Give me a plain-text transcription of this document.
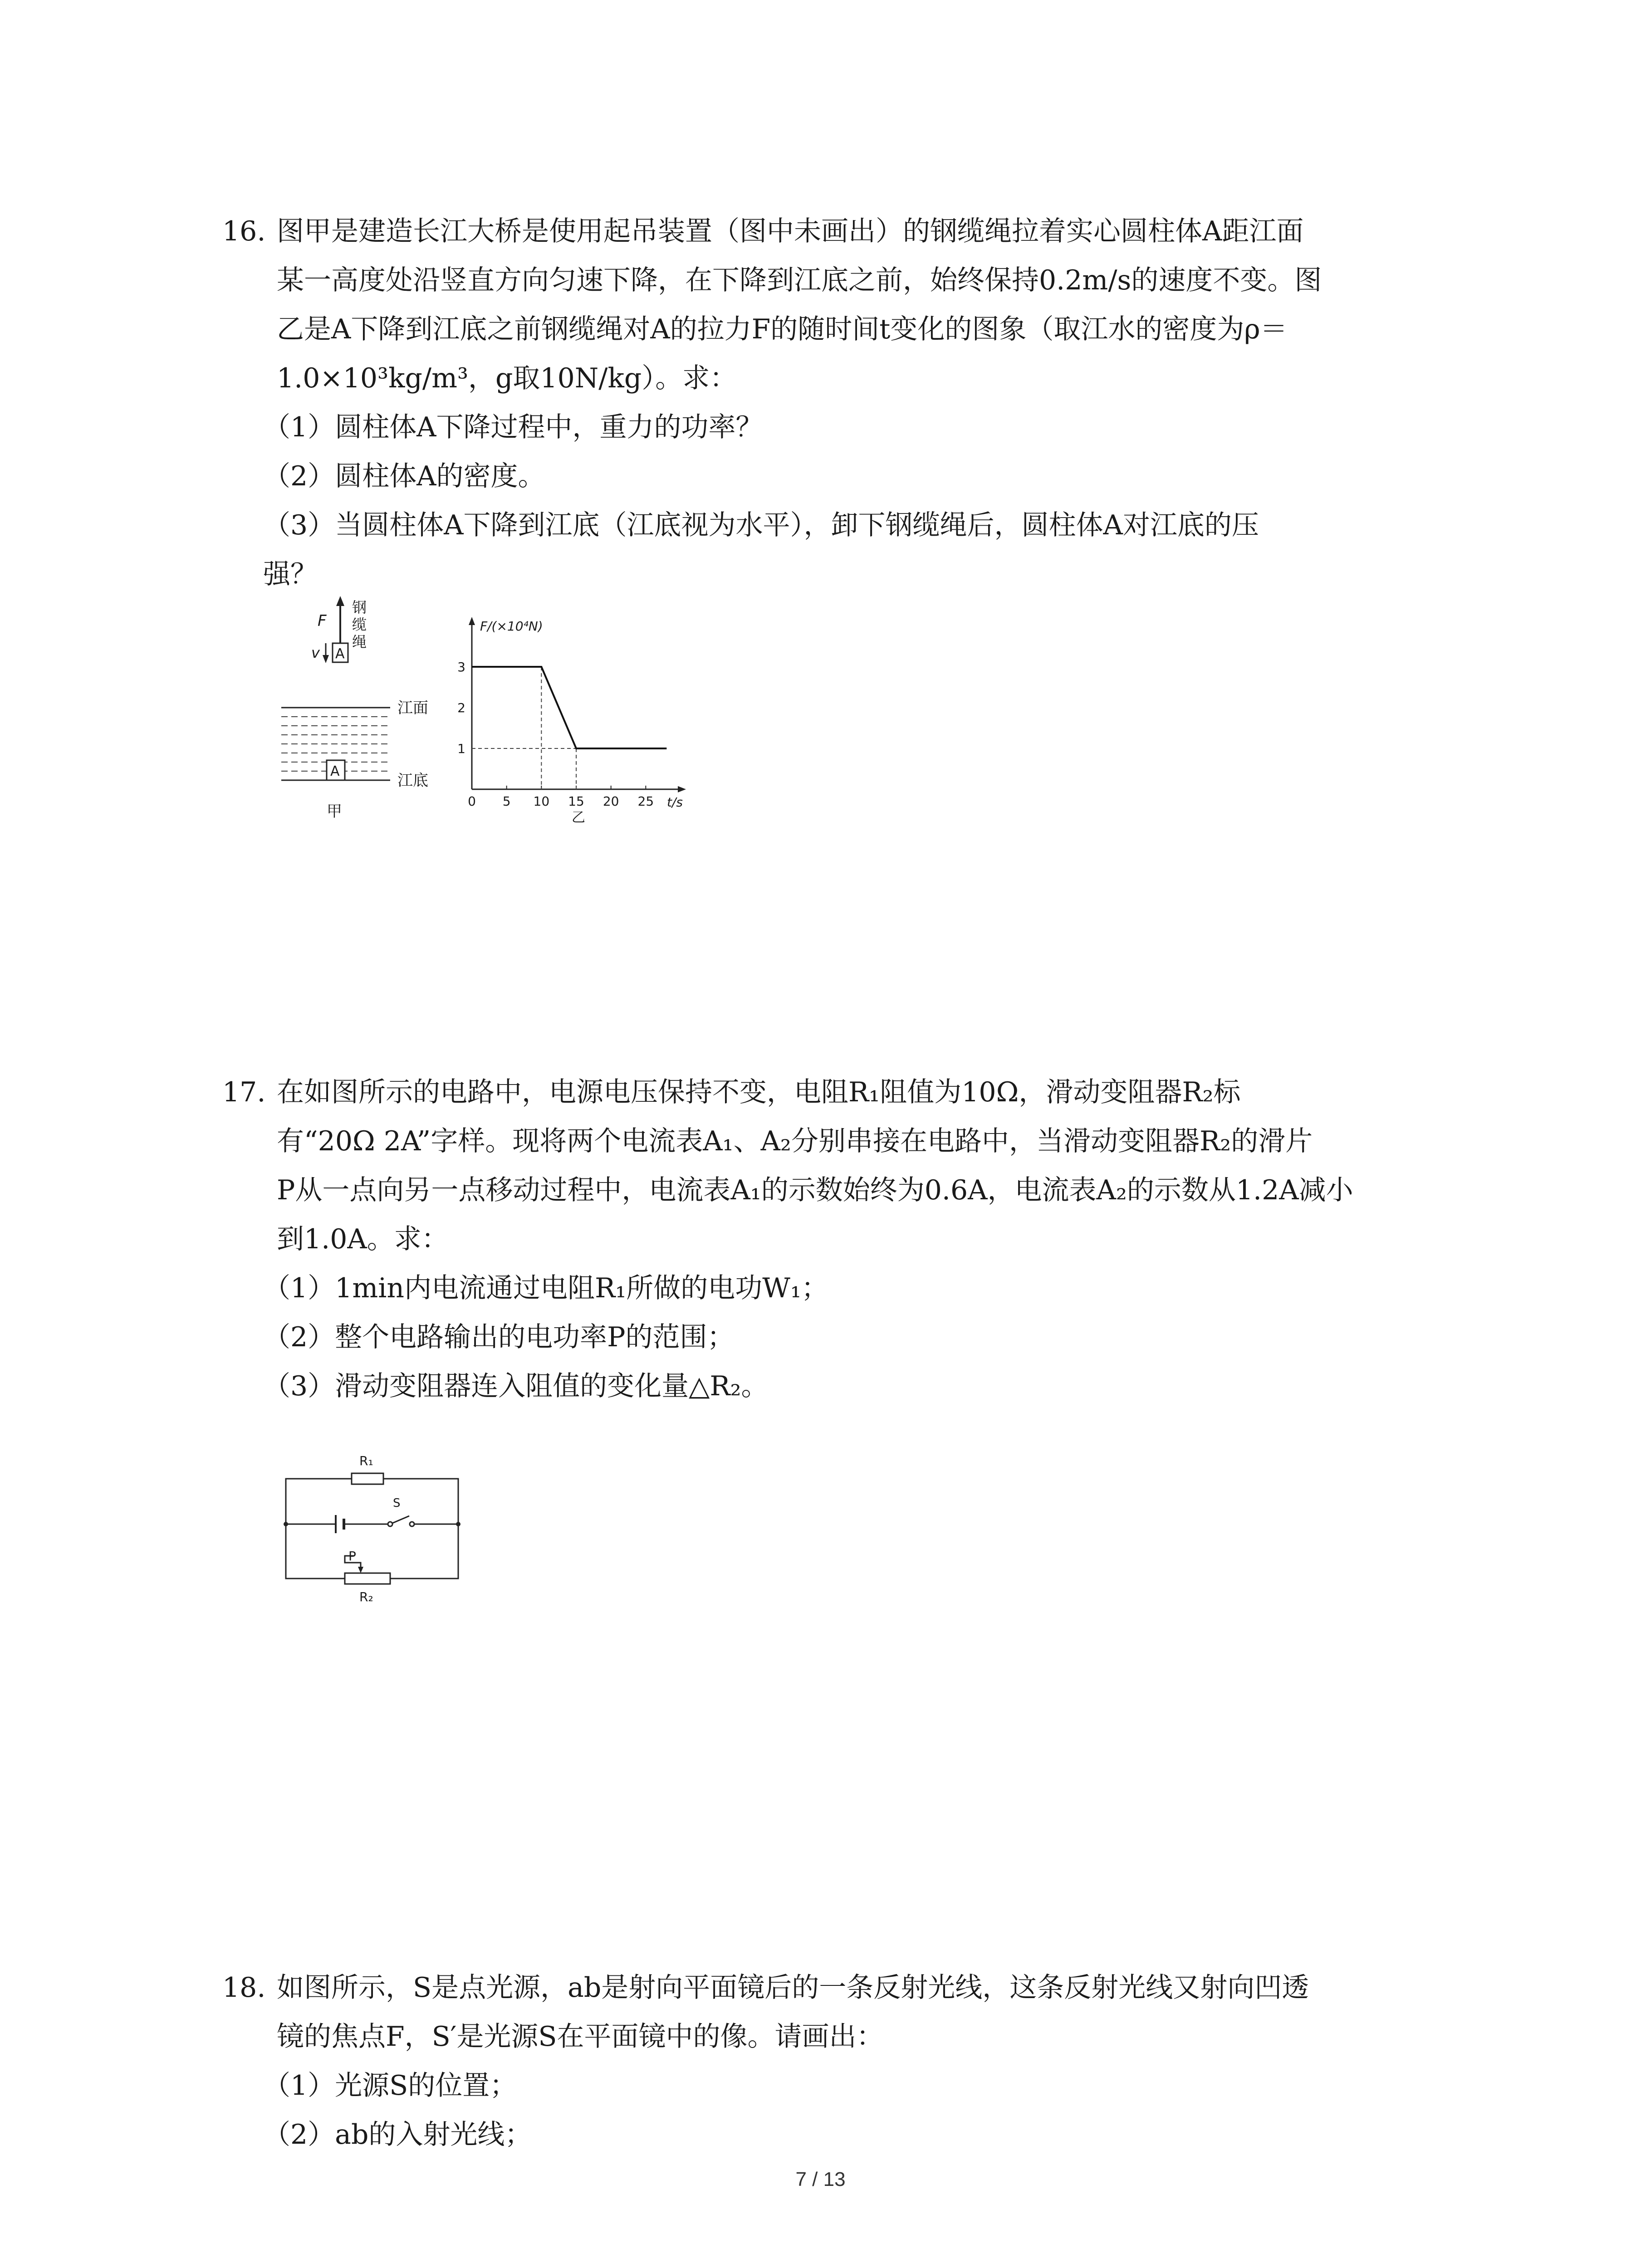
16. 图甲是建造长江大桥是使用起吊装置（图中未画出）的钢缆绳拉着实心圆柱体A距江面
某一高度处沿竖直方向匀速下降，在下降到江底之前，始终保持0.2m/s的速度不变。图
乙是A下降到江底之前钢缆绳对A的拉力F的随时间t变化的图象（取江水的密度为ρ＝
1.0×10³kg/m³，g取10N/kg）。求：
（1）圆柱体A下降过程中，重力的功率？
（2）圆柱体A的密度。
（3）当圆柱体A下降到江底（江底视为水平），卸下钢缆绳后，圆柱体A对江底的压
强？
F
钢
缆
绳
A
v
A
江面
江底
甲
F/(×10⁴N)
t/s
乙
0 5 10 15 20 25
1
2
3
17. 在如图所示的电路中，电源电压保持不变，电阻R₁阻值为10Ω，滑动变阻器R₂标
有“20Ω 2A”字样。现将两个电流表A₁、A₂分别串接在电路中，当滑动变阻器R₂的滑片
P从一点向另一点移动过程中，电流表A₁的示数始终为0.6A，电流表A₂的示数从1.2A减小
到1.0A。求：
（1）1min内电流通过电阻R₁所做的电功W₁；
（2）整个电路输出的电功率P的范围；
（3）滑动变阻器连入阻值的变化量△R₂。
R₁
S
P
R₂
18. 如图所示，S是点光源，ab是射向平面镜后的一条反射光线，这条反射光线又射向凹透
镜的焦点F，S′是光源S在平面镜中的像。请画出：
（1）光源S的位置；
（2）ab的入射光线；
7 / 13
